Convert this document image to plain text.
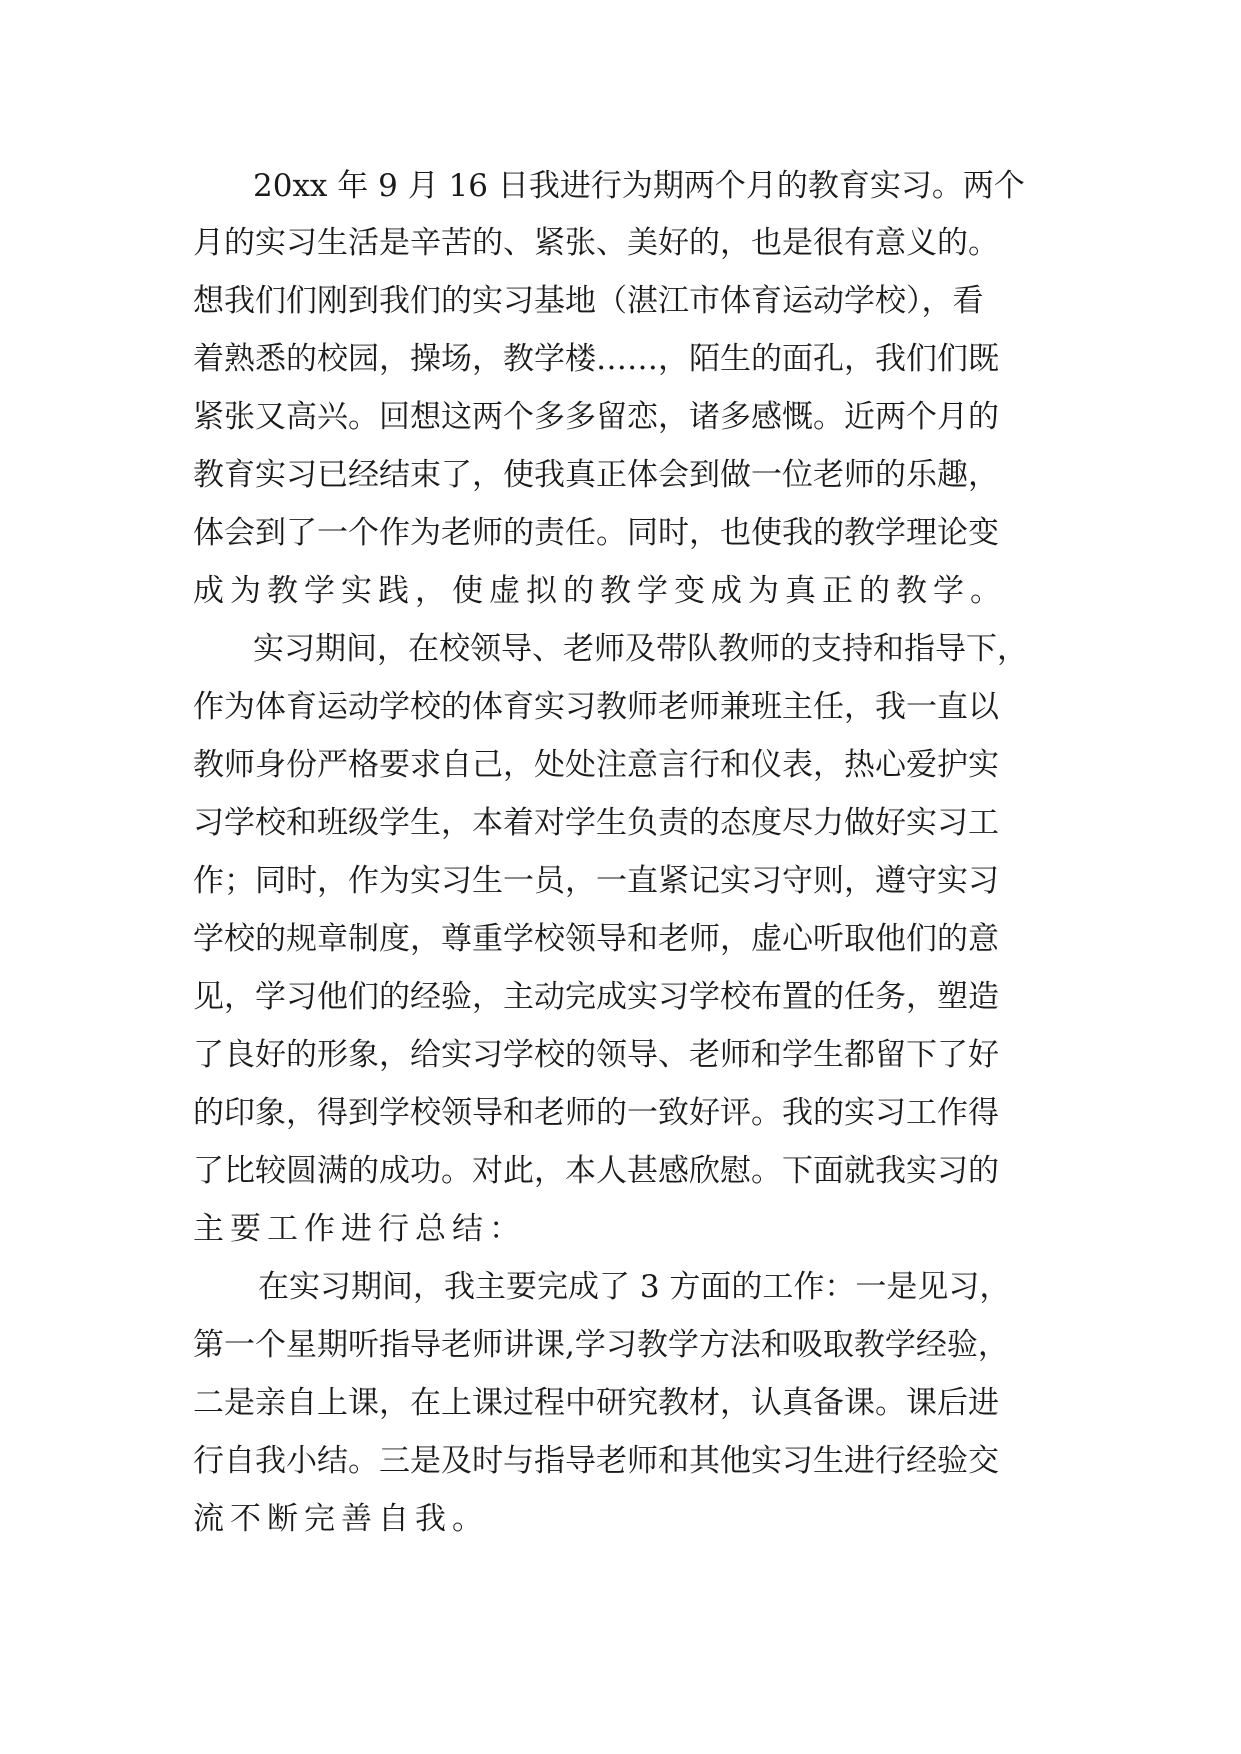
20xx 年 9 月 16 日我进行为期两个月的教育实习。两个
月的实习生活是辛苦的、紧张、美好的，也是很有意义的。
想我们们刚到我们的实习基地（湛江市体育运动学校），看
着熟悉的校园，操场，教学楼……，陌生的面孔，我们们既
紧张又高兴。回想这两个多多留恋，诸多感慨。近两个月的
教育实习已经结束了，使我真正体会到做一位老师的乐趣，
体会到了一个作为老师的责任。同时，也使我的教学理论变
成为教学实践，使虚拟的教学变成为真正的教学。
实习期间，在校领导、老师及带队教师的支持和指导下，
作为体育运动学校的体育实习教师老师兼班主任，我一直以
教师身份严格要求自己，处处注意言行和仪表，热心爱护实
习学校和班级学生，本着对学生负责的态度尽力做好实习工
作；同时，作为实习生一员，一直紧记实习守则，遵守实习
学校的规章制度，尊重学校领导和老师，虚心听取他们的意
见，学习他们的经验，主动完成实习学校布置的任务，塑造
了良好的形象，给实习学校的领导、老师和学生都留下了好
的印象，得到学校领导和老师的一致好评。我的实习工作得
了比较圆满的成功。对此，本人甚感欣慰。下面就我实习的
主要工作进行总结：
在实习期间，我主要完成了 3 方面的工作：一是见习，
第一个星期听指导老师讲课,学习教学方法和吸取教学经验，
二是亲自上课，在上课过程中研究教材，认真备课。课后进
行自我小结。三是及时与指导老师和其他实习生进行经验交
流不断完善自我。
